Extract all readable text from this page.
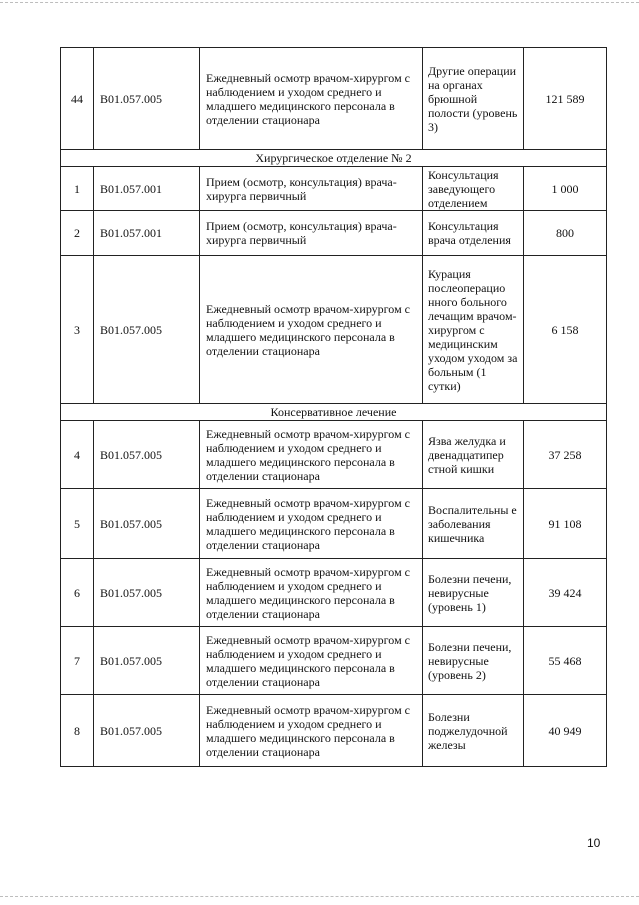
44	B01.057.005	Ежедневный осмотр врачом-хирургом с наблюдением и уходом среднего и младшего медицинского персонала в отделении стационара	Другие операции на органах брюшной полости (уровень 3)	121 589
Хирургическое отделение № 2				
1	B01.057.001	Прием (осмотр, консультация) врача-хирурга первичный	Консультация заведующего отделением	1 000
2	B01.057.001	Прием (осмотр, консультация) врача-хирурга первичный	Консультация врача отделения	800
3	B01.057.005	Ежедневный осмотр врачом-хирургом с наблюдением и уходом среднего и младшего медицинского персонала в отделении стационара	Курация послеоперацио нного больного лечащим врачом-хирургом с медицинским уходом уходом за больным (1 сутки)	6 158
Консервативное лечение				
4	B01.057.005	Ежедневный осмотр врачом-хирургом с наблюдением и уходом среднего и младшего медицинского персонала в отделении стационара	Язва желудка и двенадцатипер стной кишки	37 258
5	B01.057.005	Ежедневный осмотр врачом-хирургом с наблюдением и уходом среднего и младшего медицинского персонала в отделении стационара	Воспалительны е заболевания кишечника	91 108
6	B01.057.005	Ежедневный осмотр врачом-хирургом с наблюдением и уходом среднего и младшего медицинского персонала в отделении стационара	Болезни печени, невирусные (уровень 1)	39 424
7	B01.057.005	Ежедневный осмотр врачом-хирургом с наблюдением и уходом среднего и младшего медицинского персонала в отделении стационара	Болезни печени, невирусные (уровень 2)	55 468
8	B01.057.005	Ежедневный осмотр врачом-хирургом с наблюдением и уходом среднего и младшего медицинского персонала в отделении стационара	Болезни поджелудочной железы	40 949
10
